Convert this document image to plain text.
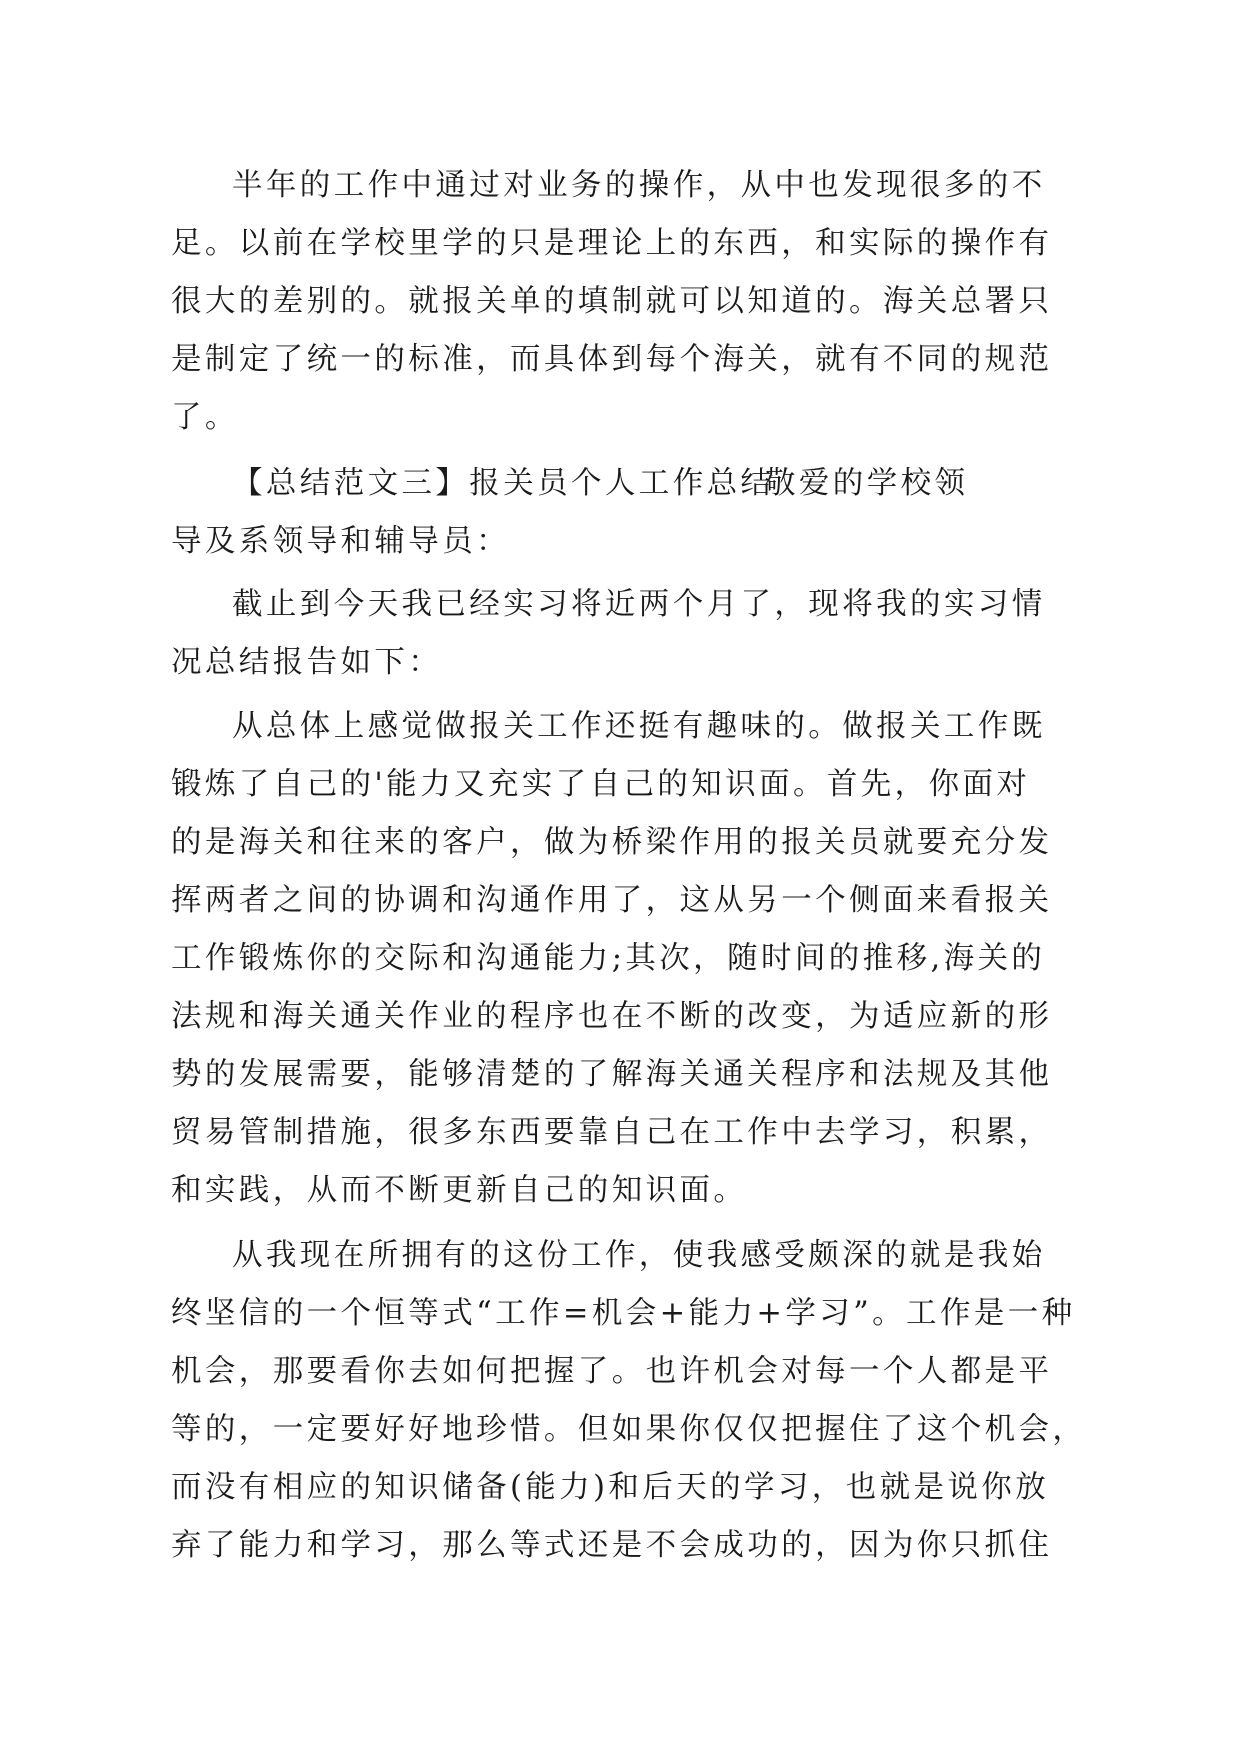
半年的工作中通过对业务的操作，从中也发现很多的不

足。以前在学校里学的只是理论上的东西，和实际的操作有

很大的差别的。就报关单的填制就可以知道的。海关总署只

是制定了统一的标准，而具体到每个海关，就有不同的规范

了。

【总结范文三】报关员个人工作总结

敬爱的学校领

导及系领导和辅导员：

截止到今天我已经实习将近两个月了，现将我的实习情

况总结报告如下：

从总体上感觉做报关工作还挺有趣味的。做报关工作既

锻炼了自己的'能力又充实了自己的知识面。首先，你面对

的是海关和往来的客户，做为桥梁作用的报关员就要充分发

挥两者之间的协调和沟通作用了，这从另一个侧面来看报关

工作锻炼你的交际和沟通能力;其次，随时间的推移,海关的

法规和海关通关作业的程序也在不断的改变，为适应新的形

势的发展需要，能够清楚的了解海关通关程序和法规及其他

贸易管制措施，很多东西要靠自己在工作中去学习，积累，

和实践，从而不断更新自己的知识面。

从我现在所拥有的这份工作，使我感受颇深的就是我始

终坚信的一个恒等式“工作=机会+能力+学习”。工作是一种

机会，那要看你去如何把握了。也许机会对每一个人都是平

等的，一定要好好地珍惜。但如果你仅仅把握住了这个机会，

而没有相应的知识储备(能力)和后天的学习，也就是说你放

弃了能力和学习，那么等式还是不会成功的，因为你只抓住
